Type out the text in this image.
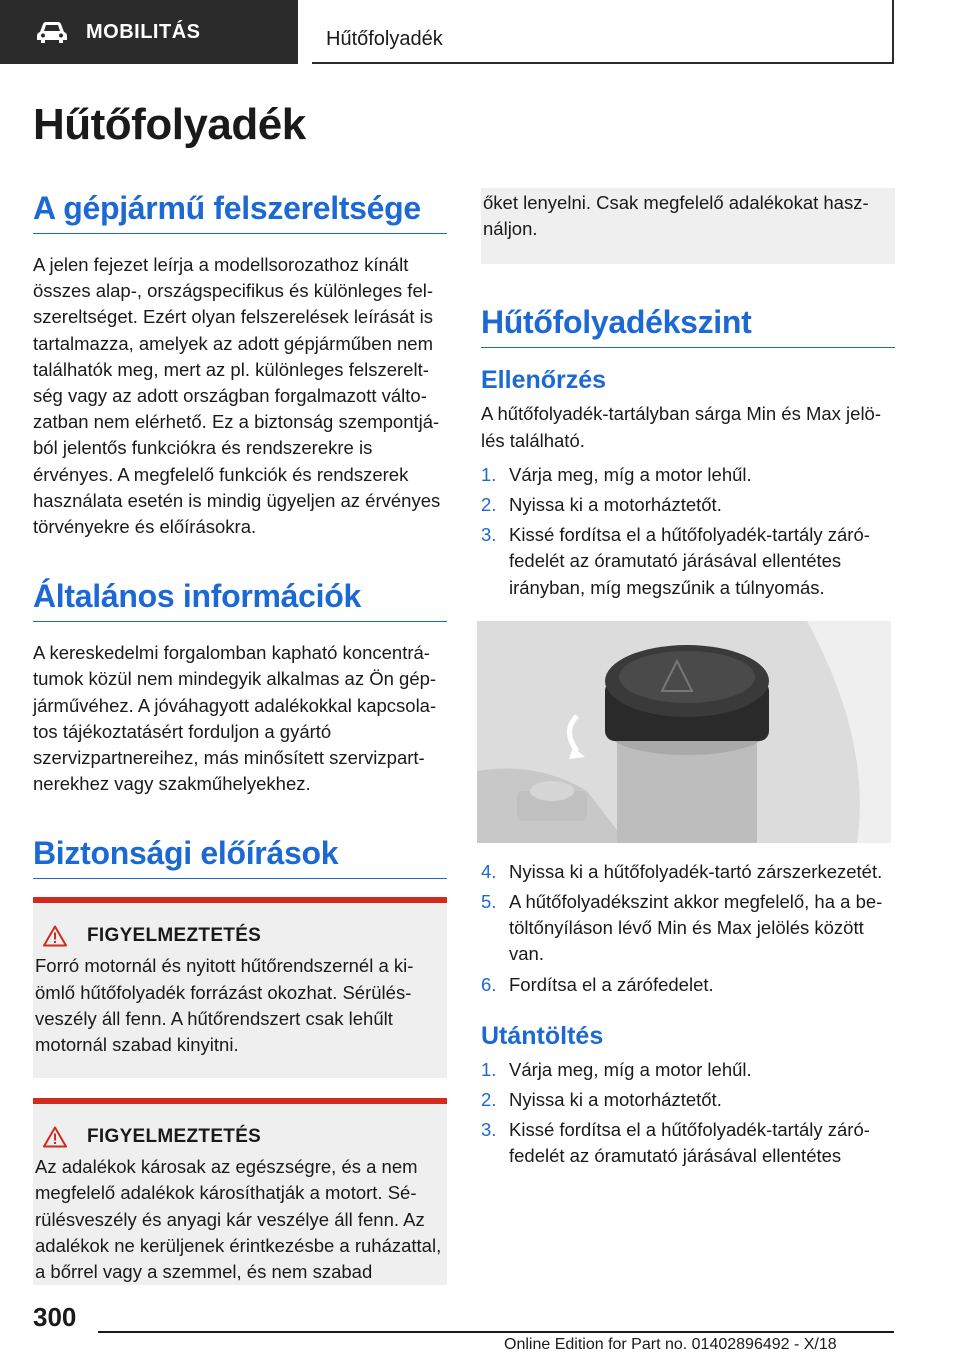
MOBILITÁS	Hűtőfolyadék
Hűtőfolyadék
A gépjármű felszereltsége

A jelen fejezet leírja a modellsorozathoz kínált összes alap-, országspecifikus és különleges felszereltséget. Ezért olyan felszerelések leírását is tartalmazza, amelyek az adott gépjárműben nem találhatók meg, mert az pl. különleges felszereltség vagy az adott országban forgalmazott változatban nem elérhető. Ez a biztonság szempontjából jelentős funkciókra és rendszerekre is érvényes. A megfelelő funkciók és rendszerek használata esetén is mindig ügyeljen az érvényes törvényekre és előírásokra.

Általános információk

A kereskedelmi forgalomban kapható koncentrátumok közül nem mindegyik alkalmas az Ön gépjárművéhez. A jóváhagyott adalékokkal kapcsolatos tájékoztatásért forduljon a gyártó szervizpartnereihez, más minősített szervizpartnerekhez vagy szakműhelyekhez.

Biztonsági előírások
FIGYELMEZTETÉS

Forró motornál és nyitott hűtőrendszernél a kiömlő hűtőfolyadék forrázást okozhat. Sérülésveszély áll fenn. A hűtőrendszert csak lehűlt motornál szabad kinyitni.

FIGYELMEZTETÉS

Az adalékok károsak az egészségre, és a nem megfelelő adalékok károsíthatják a motort. Sérülésveszély és anyagi kár veszélye áll fenn. Az adalékok ne kerüljenek érintkezésbe a ruházattal, a bőrrel vagy a szemmel, és nem szabad

őket lenyelni. Csak megfelelő adalékokat használjon.

Hűtőfolyadékszint
Ellenőrzés

A hűtőfolyadék-tartályban sárga Min és Max jelölés található.

1. Várja meg, míg a motor lehűl.
2. Nyissa ki a motorháztetőt.
3. Kissé fordítsa el a hűtőfolyadék-tartály zárófedelét az óramutató járásával ellentétes irányban, míg megszűnik a túlnyomás.
4. Nyissa ki a hűtőfolyadék-tartó zárszerkezetét.
5. A hűtőfolyadékszint akkor megfelelő, ha a betöltőnyíláson lévő Min és Max jelölés között van.
6. Fordítsa el a zárófedelet.
Utántöltés
1. Várja meg, míg a motor lehűl.
2. Nyissa ki a motorháztetőt.
3. Kissé fordítsa el a hűtőfolyadék-tartály zárófedelét az óramutató járásával ellentétes
300
Online Edition for Part no. 01402896492 - X/18
